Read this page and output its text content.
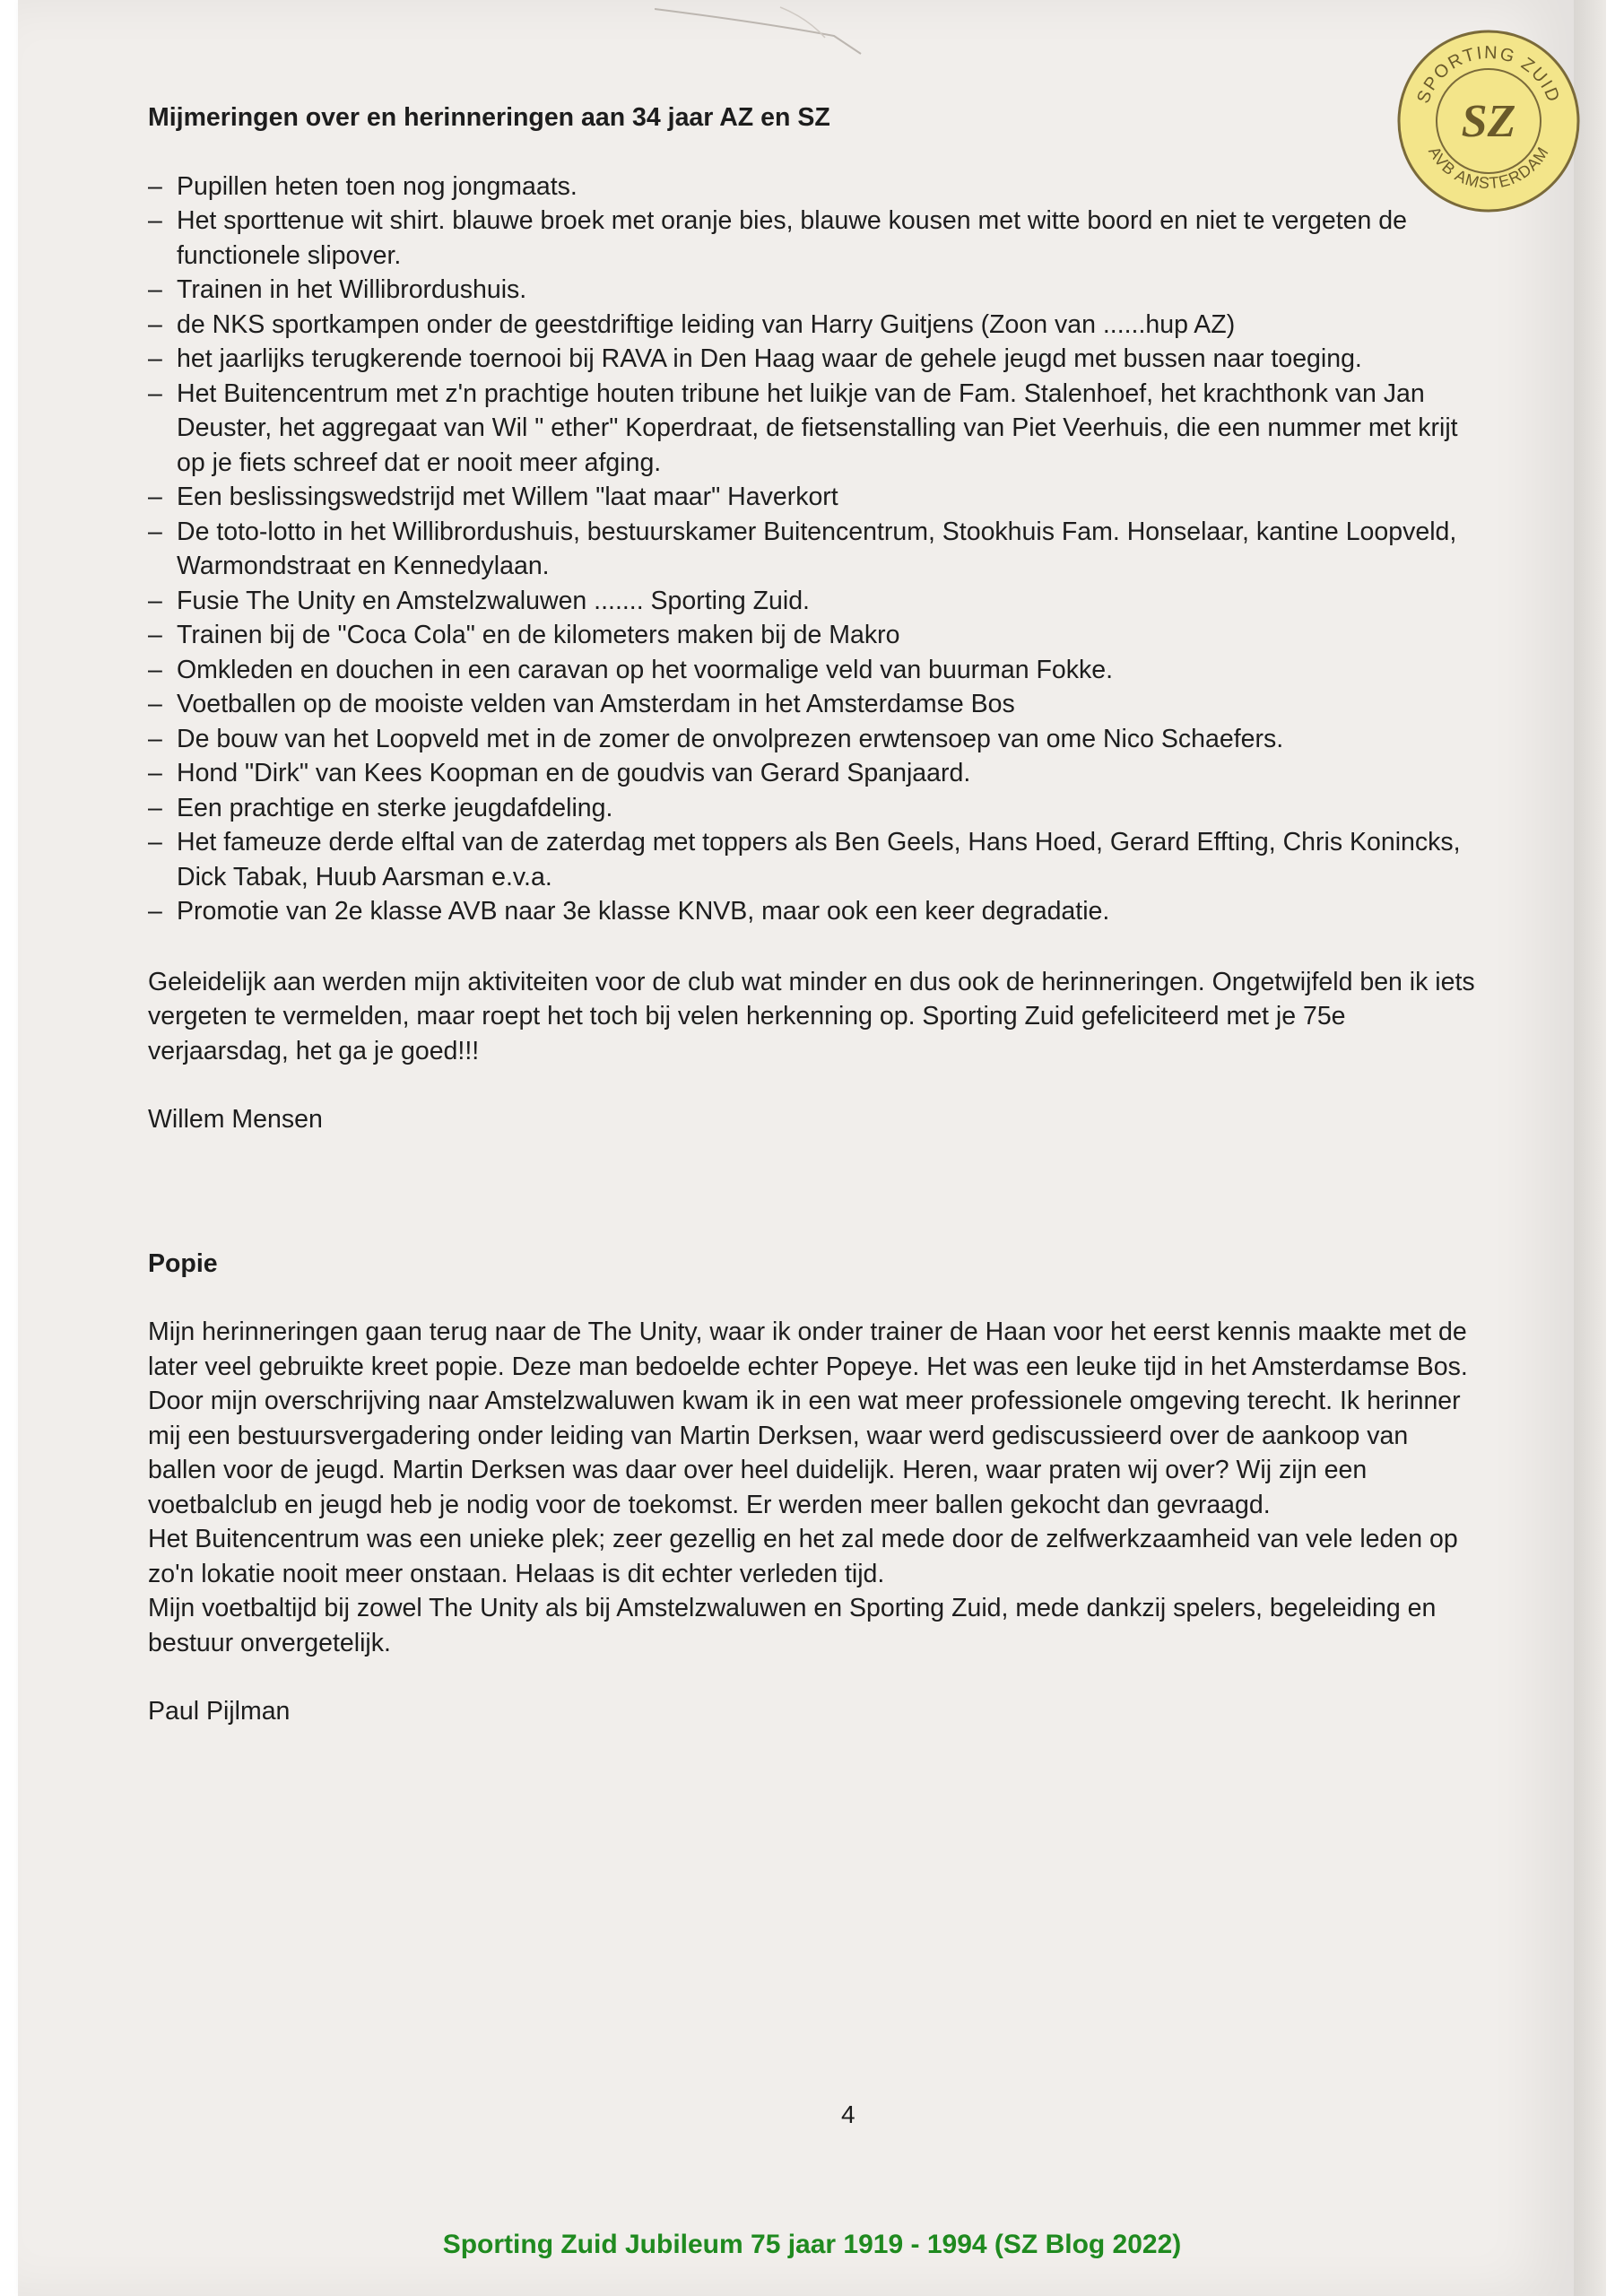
SPORTING ZUID
AVB AMSTERDAM
SZ
Mijmeringen over en herinneringen aan 34 jaar AZ en SZ
– Pupillen heten toen nog jongmaats.
– Het sporttenue wit shirt. blauwe broek met oranje bies, blauwe kousen met witte boord en niet te vergeten de functionele slipover.
– Trainen in het Willibrordushuis.
– de NKS sportkampen onder de geestdriftige leiding van Harry Guitjens (Zoon van ......hup AZ)
– het jaarlijks terugkerende toernooi bij RAVA in Den Haag waar de gehele jeugd met bussen naar toeging.
– Het Buitencentrum met z'n prachtige houten tribune het luikje van de Fam. Stalenhoef, het krachthonk van Jan Deuster, het aggregaat van Wil " ether" Koperdraat, de fietsenstalling van Piet Veerhuis, die een nummer met krijt op je fiets schreef dat er nooit meer afging.
– Een beslissingswedstrijd met Willem "laat maar" Haverkort
– De toto-lotto in het Willibrordushuis, bestuurskamer Buitencentrum, Stookhuis Fam. Honselaar, kantine Loopveld, Warmondstraat en Kennedylaan.
– Fusie The Unity en Amstelzwaluwen ....... Sporting Zuid.
– Trainen bij de "Coca Cola" en de kilometers maken bij de Makro
– Omkleden en douchen in een caravan op het voormalige veld van buurman Fokke.
– Voetballen op de mooiste velden van Amsterdam in het Amsterdamse Bos
– De bouw van het Loopveld met in de zomer de onvolprezen erwtensoep van ome Nico Schaefers.
– Hond "Dirk" van Kees Koopman en de goudvis van Gerard Spanjaard.
– Een prachtige en sterke jeugdafdeling.
– Het fameuze derde elftal van de zaterdag met toppers als Ben Geels, Hans Hoed, Gerard Effting, Chris Konincks, Dick Tabak, Huub Aarsman e.v.a.
– Promotie van 2e klasse AVB naar 3e klasse KNVB, maar ook een keer degradatie.

Geleidelijk aan werden mijn aktiviteiten voor de club wat minder en dus ook de herinneringen. Ongetwijfeld ben ik iets vergeten te vermelden, maar roept het toch bij velen herkenning op. Sporting Zuid gefeliciteerd met je 75e verjaarsdag, het ga je goed!!!

Willem Mensen

Popie

Mijn herinneringen gaan terug naar de The Unity, waar ik onder trainer de Haan voor het eerst kennis maakte met de later veel gebruikte kreet popie. Deze man bedoelde echter Popeye. Het was een leuke tijd in het Amsterdamse Bos. Door mijn overschrijving naar Amstelzwaluwen kwam ik in een wat meer professionele omgeving terecht. Ik herinner mij een bestuursvergadering onder leiding van Martin Derksen, waar werd gediscussieerd over de aankoop van ballen voor de jeugd. Martin Derksen was daar over heel duidelijk. Heren, waar praten wij over? Wij zijn een voetbalclub en jeugd heb je nodig voor de toekomst. Er werden meer ballen gekocht dan gevraagd.

Het Buitencentrum was een unieke plek; zeer gezellig en het zal mede door de zelfwerkzaamheid van vele leden op zo'n lokatie nooit meer onstaan. Helaas is dit echter verleden tijd.

Mijn voetbaltijd bij zowel The Unity als bij Amstelzwaluwen en Sporting Zuid, mede dankzij spelers, begeleiding en bestuur onvergetelijk.

Paul Pijlman

4
Sporting Zuid Jubileum 75 jaar 1919 - 1994 (SZ Blog 2022)
